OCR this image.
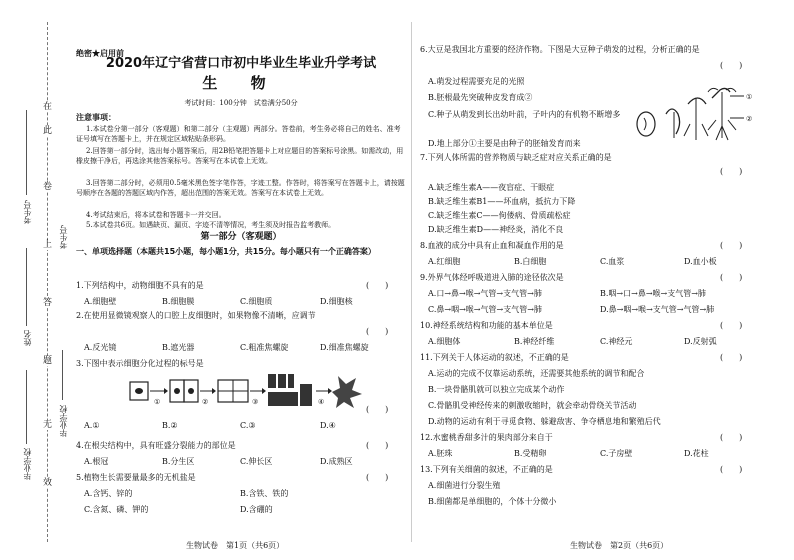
在
此
卷
上
答
题
无
效
考生号
考生号
姓名
毕业学校
毕业学校
绝密★启用前
2020年辽宁省营口市初中毕业生毕业升学考试
生 物
考试时间：100分钟　试卷满分50分
注意事项：
1.本试卷分第一部分（客观题）和第二部分（主观题）两部分。答卷前，考生务必将自己的姓名、准考证号填写在答题卡上，并在规定区域粘贴条形码。
2.回答第一部分时，选出每小题答案后，用2B铅笔把答题卡上对应题目的答案标号涂黑。如需改动，用橡皮擦干净后，再选涂其他答案标号。答案写在本试卷上无效。
3.回答第二部分时，必须用0.5毫米黑色签字笔作答，字迹工整。作答时，将答案写在答题卡上，请按题号顺序在各题的答题区域内作答，超出范围的答案无效。答案写在本试卷上无效。
4.考试结束后，将本试卷和答题卡一并交回。
5.本试卷共6页。如遇缺页、漏页、字迹不清等情况，考生须及时报告监考教师。
第一部分（客观题）
一、单项选择题（本题共15小题，每小题1分，共15分。每小题只有一个正确答案）
1.下列结构中，动物细胞不具有的是	(　　)
A.细胞壁	B.细胞膜	C.细胞质	D.细胞核
2.在使用显微镜观察人的口腔上皮细胞时，如果物像不清晰，应调节
(　　)
A.反光镜	B.遮光器	C.粗准焦螺旋	D.细准焦螺旋
3.下图中表示细胞分化过程的标号是
①	②	③	④
(　　)
A.①	B.②	C.③	D.④
4.在根尖结构中，具有旺盛分裂能力的部位是	(　　)
A.根冠	B.分生区	C.伸长区	D.成熟区
5.植物生长需要量最多的无机盐是	(　　)
A.含钙、锌的	B.含铁、铁的
C.含氮、磷、钾的	D.含硼的
生物试卷　第1页（共6页）
6.大豆是我国北方重要的经济作物。下图是大豆种子萌发的过程，分析正确的是
(　　)
A.萌发过程需要充足的光照
B.胚根最先突破种皮发育成②
C.种子从萌发到长出幼叶前，子叶内的有机物不断增多
D.地上部分①主要是由种子的胚轴发育而来
①
②
7.下列人体所需的营养物质与缺乏症对应关系正确的是
(　　)
A.缺乏维生素A——夜盲症、干眼症
B.缺乏维生素B1——坏血病，抵抗力下降
C.缺乏维生素C——佝偻病、骨质疏松症
D.缺乏维生素D——神经炎，消化不良
8.血液的成分中具有止血和凝血作用的是	(　　)
A.红细胞	B.白细胞	C.血浆	D.血小板
9.外界气体经呼吸道进入肺的途径依次是	(　　)
A.口→鼻→喉→气管→支气管→肺	B.咽→口→鼻→喉→支气管→肺
C.鼻→咽→喉→气管→支气管→肺	D.鼻→咽→喉→支气管→气管→肺
10.神经系统结构和功能的基本单位是	(　　)
A.细胞体	B.神经纤维	C.神经元	D.反射弧
11.下列关于人体运动的叙述，不正确的是	(　　)
A.运动的完成不仅靠运动系统，还需要其他系统的调节和配合
B.一块骨骼肌就可以独立完成某个动作
C.骨骼肌受神经传来的刺激收缩时，就会牵动骨绕关节活动
D.动物的运动有利于寻觅食物、躲避敌害、争夺栖息地和繁殖后代
12.水蜜桃香甜多汁的果肉部分来自于	(　　)
A.胚珠	B.受精卵	C.子房壁	D.花柱
13.下列有关细菌的叙述，不正确的是	(　　)
A.细菌进行分裂生殖
B.细菌都是单细胞的，个体十分微小
生物试卷　第2页（共6页）
